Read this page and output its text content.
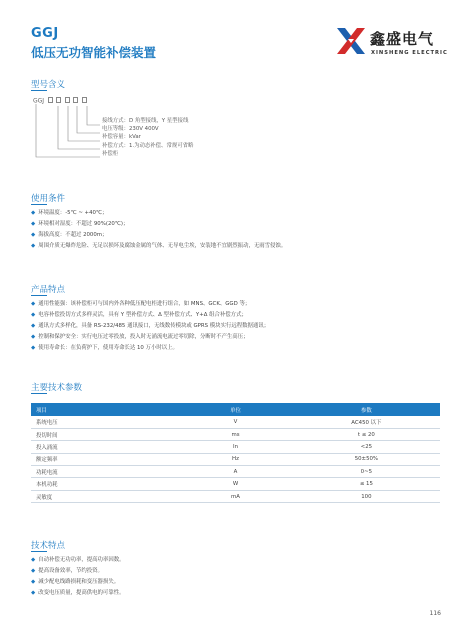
GGJ
低压无功智能补偿装置
鑫盛电气
XINSHENG ELECTRIC
型号含义
GGJ
接线方式：D 角型接线，Y 星型接线
电压等级：230V 400V
补偿容量：kVar
补偿方式：1.为动态补偿、常规可省略
补偿柜
使用条件
◆ 环境温度：-5℃ ~ +40℃；
◆ 环境相对湿度：不超过 90%(20℃)；
◆ 海拔高度：不超过 2000m；
◆ 周围介质无爆炸危险、无足以损坏及腐蚀金属的气体、无导电尘埃，安装地不宜剧烈振动，无雨雪侵蚀。
产品特点
◆ 通用性能强：该补偿柜可与国内外各种低压配电柜进行组合，如 MNS、GCK、GGD 等；
◆ 电容补偿投切方式多样灵活，具有 Y 型补偿方式、Δ 型补偿方式、Y+Δ 组合补偿方式；
◆ 通讯方式多样化，具备 RS-232/485 通讯接口，无线数传模块或 GPRS 模块实行远程数据通讯；
◆ 控制和保护安全：实行电压过零投放，投入时无涌流电流过零切除，分断时不产生高压；
◆ 使用寿命长：在负荷护下，使用寿命长达 10 万小时以上。
主要技术参数
项目	单位	参数
系统电压	V	AC450 以下
投切时间	ms	t ≤ 20
投入涌流	In	<25
额定频率	Hz	50±50%
功耗电流	A	0~5
本机功耗	W	≤ 15
灵敏度	mA	100
技术特点
◆ 自动补偿无功功率，提高功率因数。
◆ 提高设备效率，节约投资。
◆ 减少配电线路损耗和变压器损失。
◆ 改变电压质量，提高供电的可靠性。
116
